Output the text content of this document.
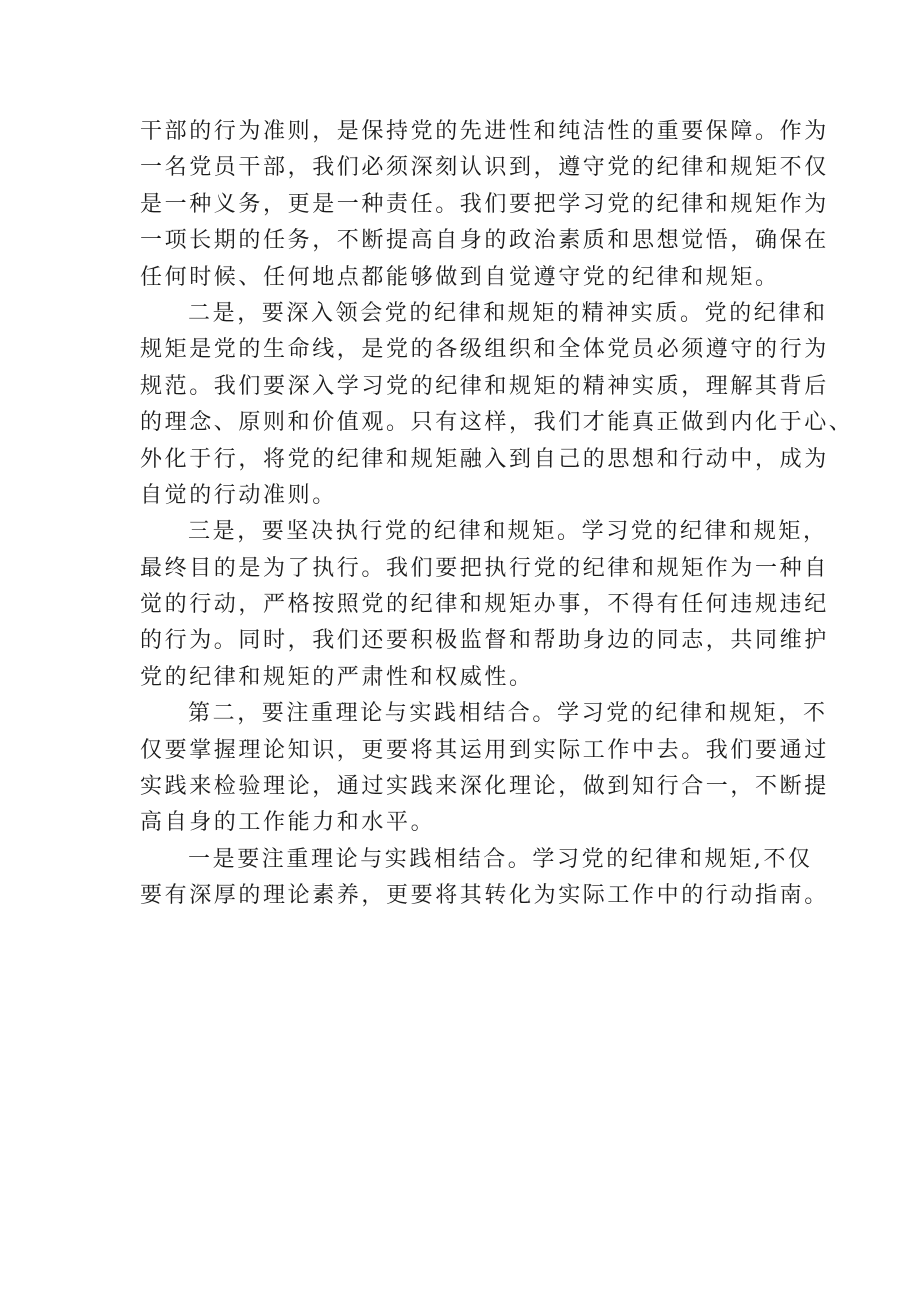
干部的行为准则，是保持党的先进性和纯洁性的重要保障。作为
一名党员干部，我们必须深刻认识到，遵守党的纪律和规矩不仅
是一种义务，更是一种责任。我们要把学习党的纪律和规矩作为
一项长期的任务，不断提高自身的政治素质和思想觉悟，确保在
任何时候、任何地点都能够做到自觉遵守党的纪律和规矩。
二是，要深入领会党的纪律和规矩的精神实质。党的纪律和
规矩是党的生命线，是党的各级组织和全体党员必须遵守的行为
规范。我们要深入学习党的纪律和规矩的精神实质，理解其背后
的理念、原则和价值观。只有这样，我们才能真正做到内化于心、
外化于行，将党的纪律和规矩融入到自己的思想和行动中，成为
自觉的行动准则。
三是，要坚决执行党的纪律和规矩。学习党的纪律和规矩，
最终目的是为了执行。我们要把执行党的纪律和规矩作为一种自
觉的行动，严格按照党的纪律和规矩办事，不得有任何违规违纪
的行为。同时，我们还要积极监督和帮助身边的同志，共同维护
党的纪律和规矩的严肃性和权威性。
第二，要注重理论与实践相结合。学习党的纪律和规矩，不
仅要掌握理论知识，更要将其运用到实际工作中去。我们要通过
实践来检验理论，通过实践来深化理论，做到知行合一，不断提
高自身的工作能力和水平。
一是要注重理论与实践相结合。学习党的纪律和规矩,不仅
要有深厚的理论素养，更要将其转化为实际工作中的行动指南。
